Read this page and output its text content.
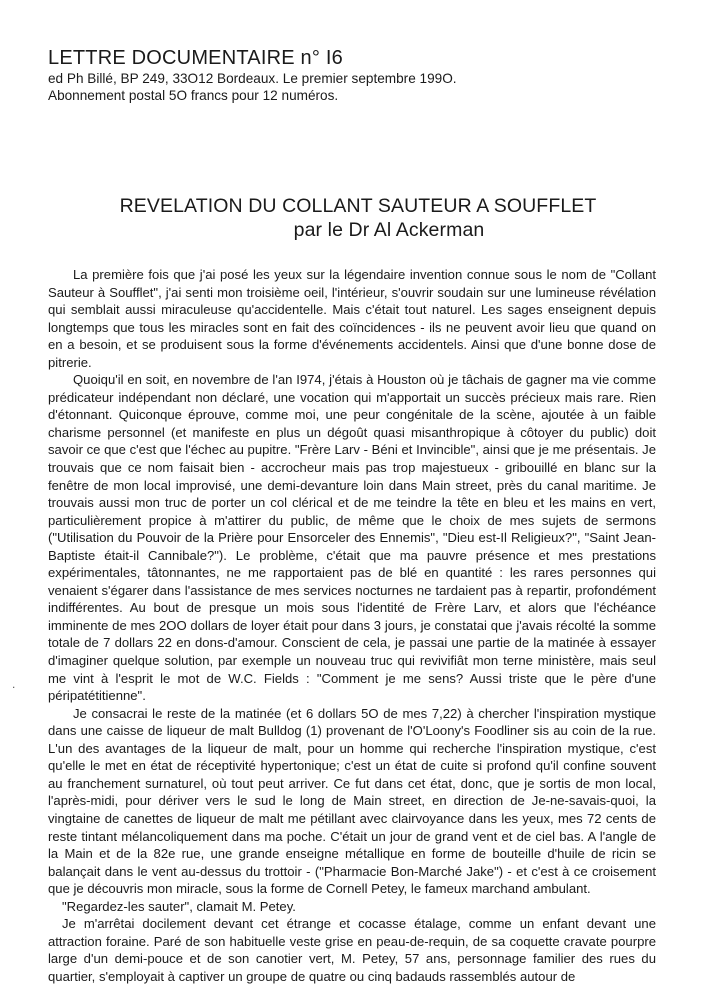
LETTRE DOCUMENTAIRE n° I6

ed Ph Billé, BP 249, 33O12 Bordeaux. Le premier septembre 199O.

Abonnement postal 5O francs pour 12 numéros.

REVELATION DU COLLANT SAUTEUR A SOUFFLET
par le Dr Al Ackerman

La première fois que j'ai posé les yeux sur la légendaire invention connue sous le nom de "Collant Sauteur à Soufflet", j'ai senti mon troisième oeil, l'intérieur, s'ouvrir soudain sur une lumineuse révélation qui semblait aussi miraculeuse qu'accidentelle. Mais c'était tout naturel. Les sages enseignent depuis longtemps que tous les miracles sont en fait des coïncidences - ils ne peuvent avoir lieu que quand on en a besoin, et se produisent sous la forme d'événements accidentels. Ainsi que d'une bonne dose de pitrerie.

Quoiqu'il en soit, en novembre de l'an I974, j'étais à Houston où je tâchais de gagner ma vie comme prédicateur indépendant non déclaré, une vocation qui m'apportait un succès précieux mais rare. Rien d'étonnant. Quiconque éprouve, comme moi, une peur congénitale de la scène, ajoutée à un faible charisme personnel (et manifeste en plus un dégoût quasi misanthropique à côtoyer du public) doit savoir ce que c'est que l'échec au pupitre. "Frère Larv - Béni et Invincible", ainsi que je me présentais. Je trouvais que ce nom faisait bien - accrocheur mais pas trop majestueux - gribouillé en blanc sur la fenêtre de mon local improvisé, une demi-devanture loin dans Main street, près du canal maritime. Je trouvais aussi mon truc de porter un col clérical et de me teindre la tête en bleu et les mains en vert, particulièrement propice à m'attirer du public, de même que le choix de mes sujets de sermons ("Utilisation du Pouvoir de la Prière pour Ensorceler des Ennemis", "Dieu est-Il Religieux?", "Saint Jean-Baptiste était-il Cannibale?"). Le problème, c'était que ma pauvre présence et mes prestations expérimentales, tâtonnantes, ne me rapportaient pas de blé en quantité : les rares personnes qui venaient s'égarer dans l'assistance de mes services nocturnes ne tardaient pas à repartir, profondément indifférentes. Au bout de presque un mois sous l'identité de Frère Larv, et alors que l'échéance imminente de mes 2OO dollars de loyer était pour dans 3 jours, je constatai que j'avais récolté la somme totale de 7 dollars 22 en dons-d'amour. Conscient de cela, je passai une partie de la matinée à essayer d'imaginer quelque solution, par exemple un nouveau truc qui revivifiât mon terne ministère, mais seul me vint à l'esprit le mot de W.C. Fields : "Comment je me sens? Aussi triste que le père d'une péripatétitienne".

Je consacrai le reste de la matinée (et 6 dollars 5O de mes 7,22) à chercher l'inspiration mystique dans une caisse de liqueur de malt Bulldog (1) provenant de l'O'Loony's Foodliner sis au coin de la rue. L'un des avantages de la liqueur de malt, pour un homme qui recherche l'inspiration mystique, c'est qu'elle le met en état de réceptivité hypertonique; c'est un état de cuite si profond qu'il confine souvent au franchement surnaturel, où tout peut arriver. Ce fut dans cet état, donc, que je sortis de mon local, l'après-midi, pour dériver vers le sud le long de Main street, en direction de Je-ne-savais-quoi, la vingtaine de canettes de liqueur de malt me pétillant avec clairvoyance dans les yeux, mes 72 cents de reste tintant mélancoliquement dans ma poche. C'était un jour de grand vent et de ciel bas. A l'angle de la Main et de la 82e rue, une grande enseigne métallique en forme de bouteille d'huile de ricin se balançait dans le vent au-dessus du trottoir - ("Pharmacie Bon-Marché Jake") - et c'est à ce croisement que je découvris mon miracle, sous la forme de Cornell Petey, le fameux marchand ambulant.

"Regardez-les sauter", clamait M. Petey.

Je m'arrêtai docilement devant cet étrange et cocasse étalage, comme un enfant devant une attraction foraine. Paré de son habituelle veste grise en peau-de-requin, de sa coquette cravate pourpre large d'un demi-pouce et de son canotier vert, M. Petey, 57 ans, personnage familier des rues du quartier, s'employait à captiver un groupe de quatre ou cinq badauds rassemblés autour de

.
